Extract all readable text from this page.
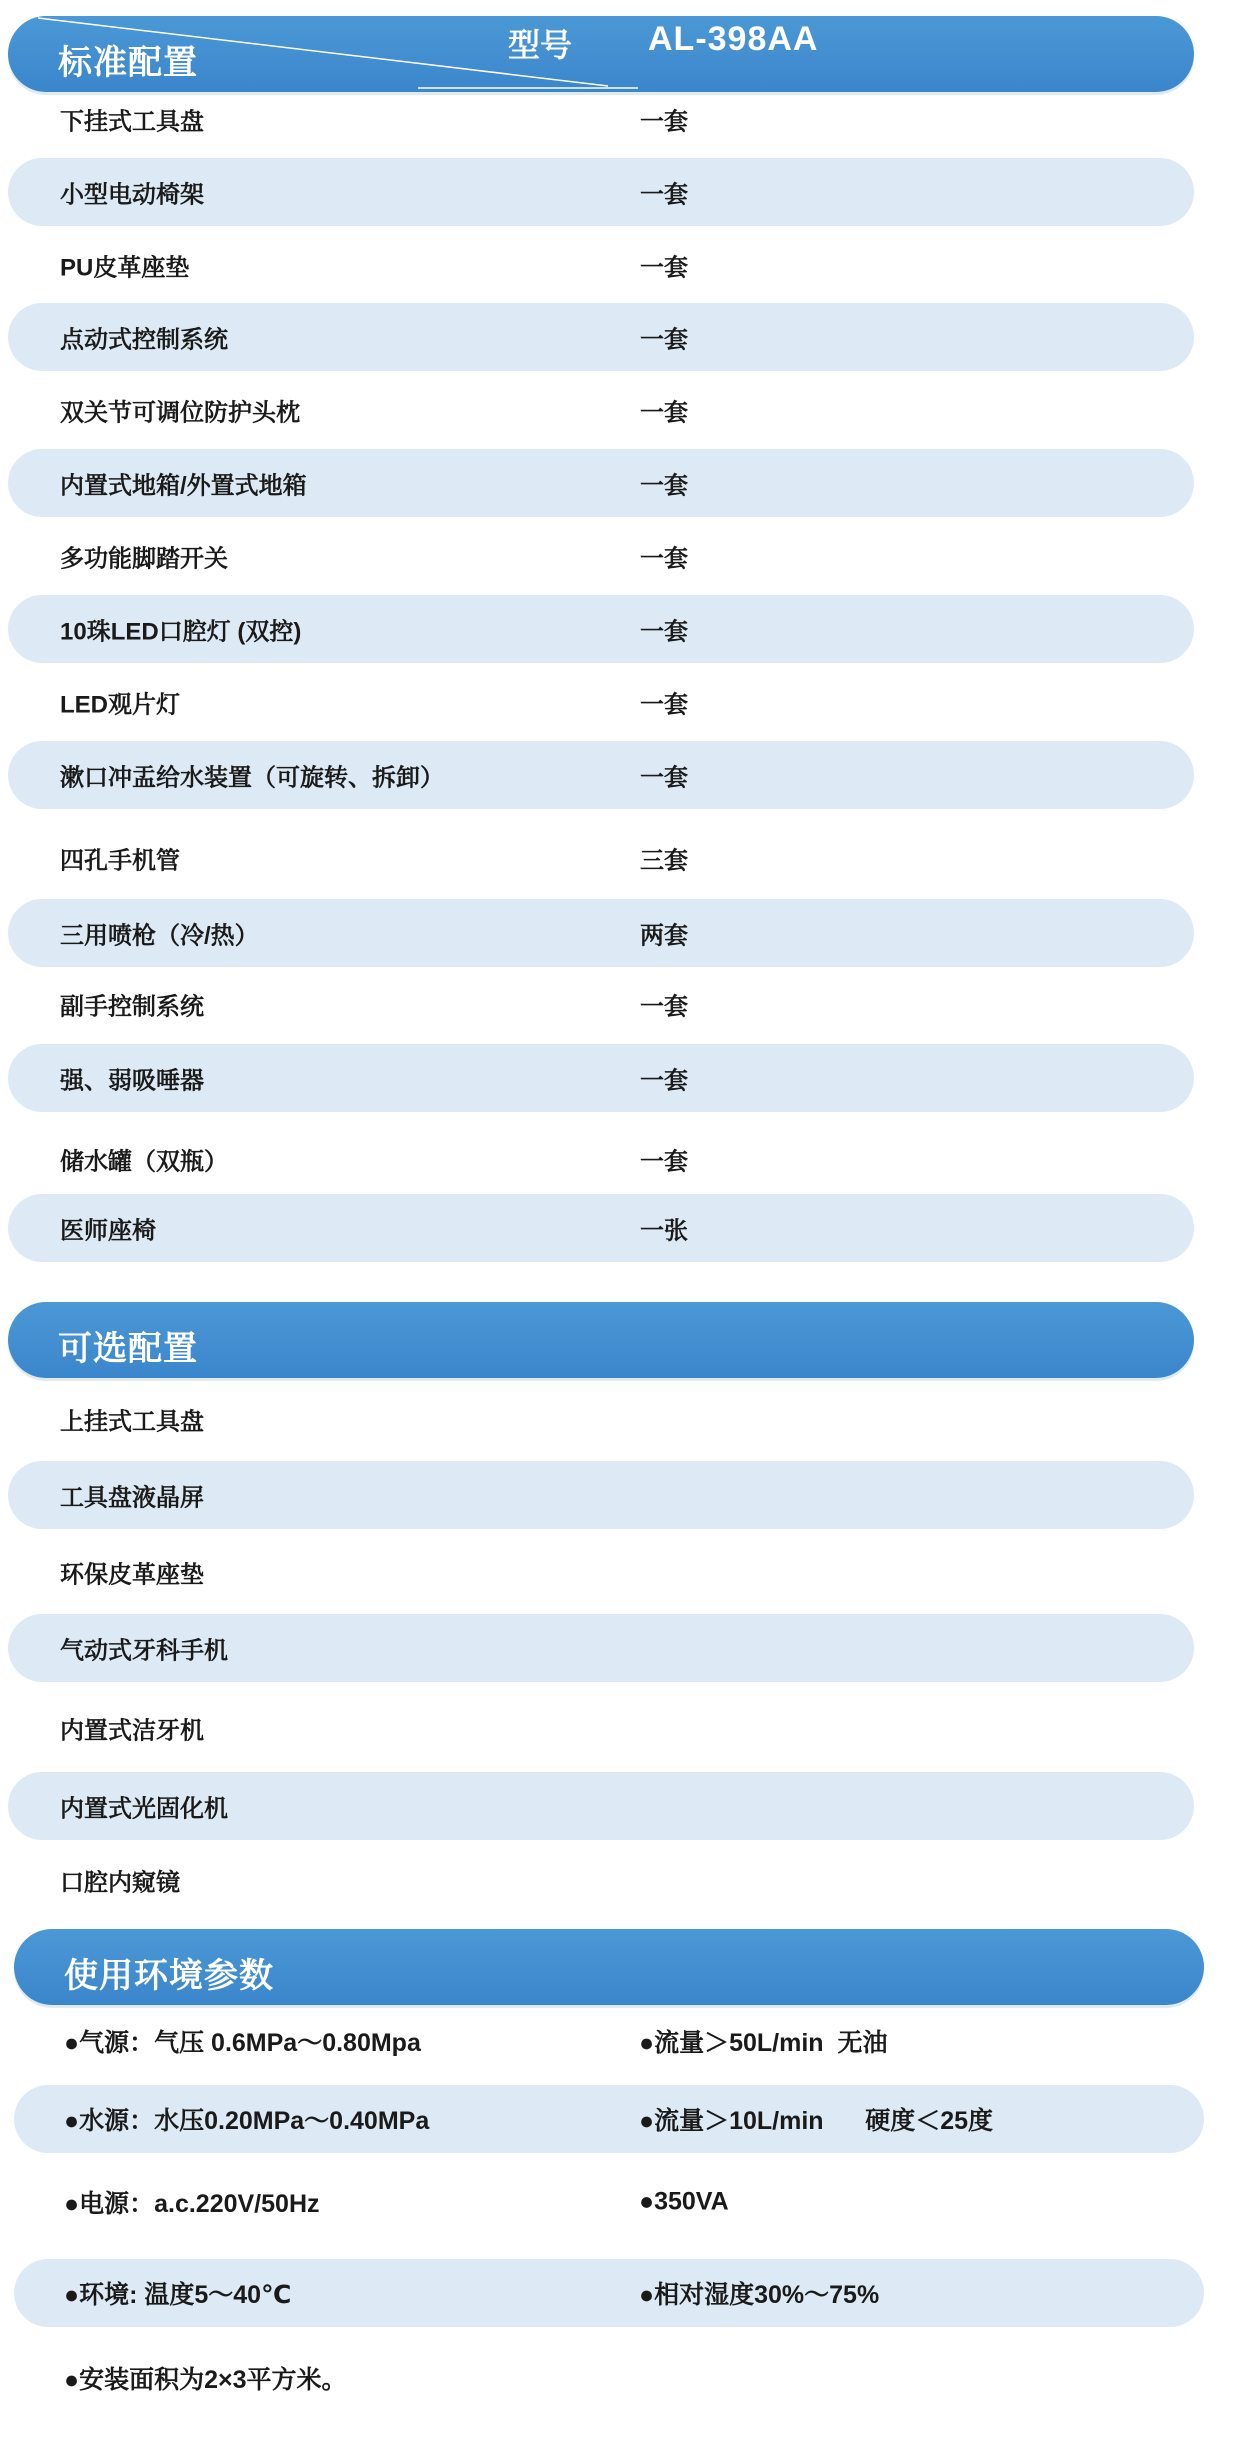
标准配置	型号 AL-398AA
下挂式工具盘	一套
小型电动椅架	一套
PU皮革座垫	一套
点动式控制系统	一套
双关节可调位防护头枕	一套
内置式地箱/外置式地箱	一套
多功能脚踏开关	一套
10珠LED口腔灯 (双控)	一套
LED观片灯	一套
漱口冲盂给水装置（可旋转、拆卸）	一套
四孔手机管	三套
三用喷枪（冷/热）	两套
副手控制系统	一套
强、弱吸唾器	一套
储水罐（双瓶）	一套
医师座椅	一张
可选配置
上挂式工具盘
工具盘液晶屏
环保皮革座垫
气动式牙科手机
内置式洁牙机
内置式光固化机
口腔内窥镜
使用环境参数
●气源：气压 0.6MPa～0.80Mpa	●流量＞50L/min  无油
●水源：水压0.20MPa～0.40MPa	●流量＞10L/min      硬度＜25度
●电源：a.c.220V/50Hz	●350VA
●环境: 温度5～40℃	●相对湿度30%～75%
●安装面积为2×3平方米。
